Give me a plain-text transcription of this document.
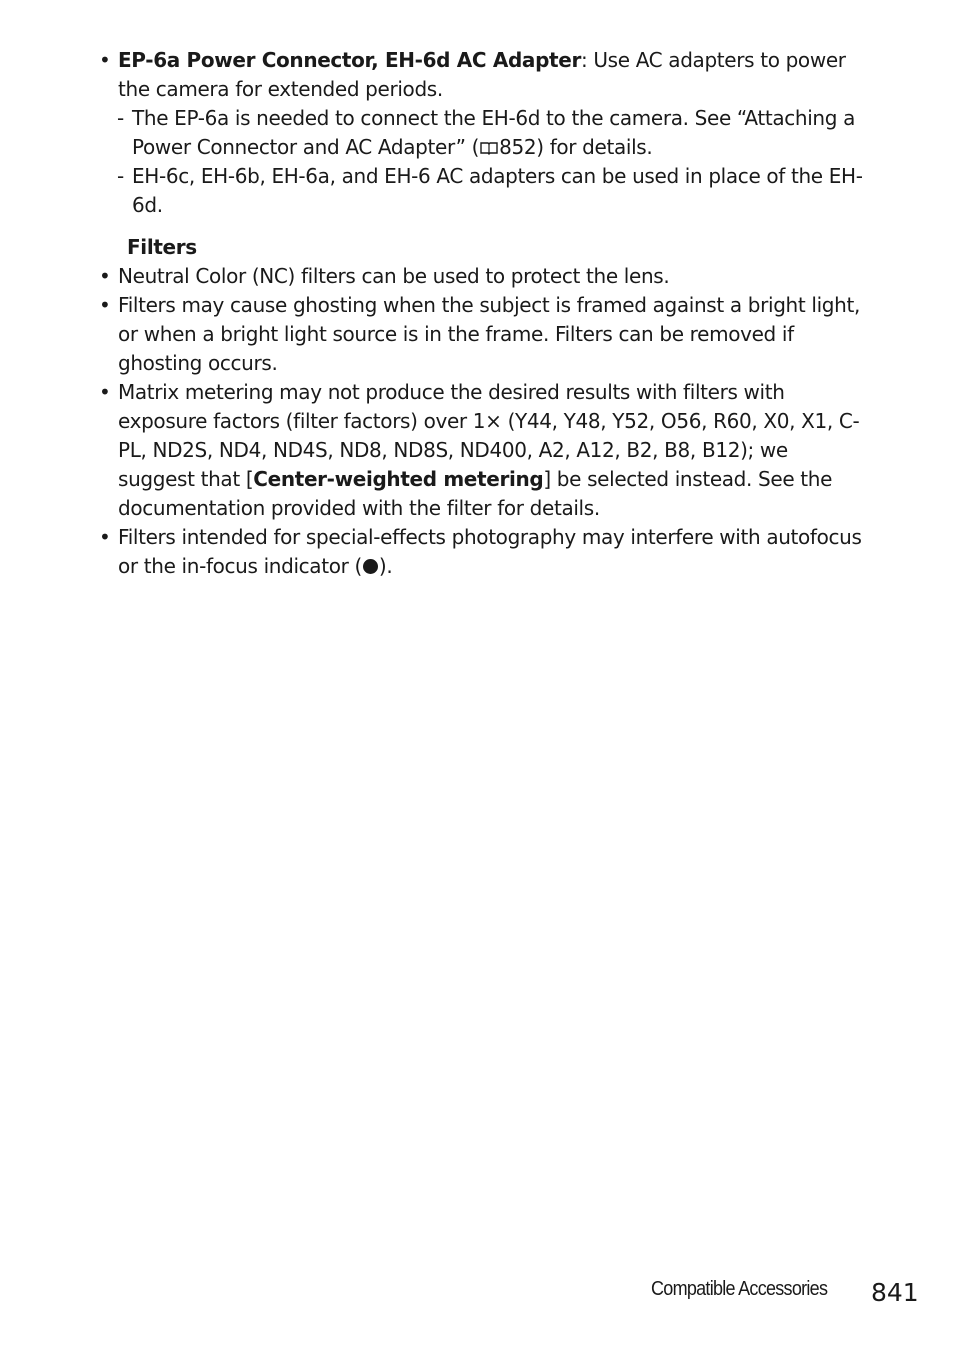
• EP-6a Power Connector, EH-6d AC Adapter: Use AC adapters to power the camera for extended periods.
- The EP-6a is needed to connect the EH-6d to the camera. See “Attaching a Power Connector and AC Adapter” ( 852) for details.
- EH-6c, EH-6b, EH-6a, and EH-6 AC adapters can be used in place of the EH-6d.
Filters
• Neutral Color (NC) filters can be used to protect the lens.
• Filters may cause ghosting when the subject is framed against a bright light, or when a bright light source is in the frame. Filters can be removed if ghosting occurs.
• Matrix metering may not produce the desired results with filters with exposure factors (filter factors) over 1× (Y44, Y48, Y52, O56, R60, X0, X1, C-PL, ND2S, ND4, ND4S, ND8, ND8S, ND400, A2, A12, B2, B8, B12); we suggest that [Center-weighted metering] be selected instead. See the documentation provided with the filter for details.
• Filters intended for special-effects photography may interfere with autofocus or the in-focus indicator ( ).
Compatible Accessories 841
